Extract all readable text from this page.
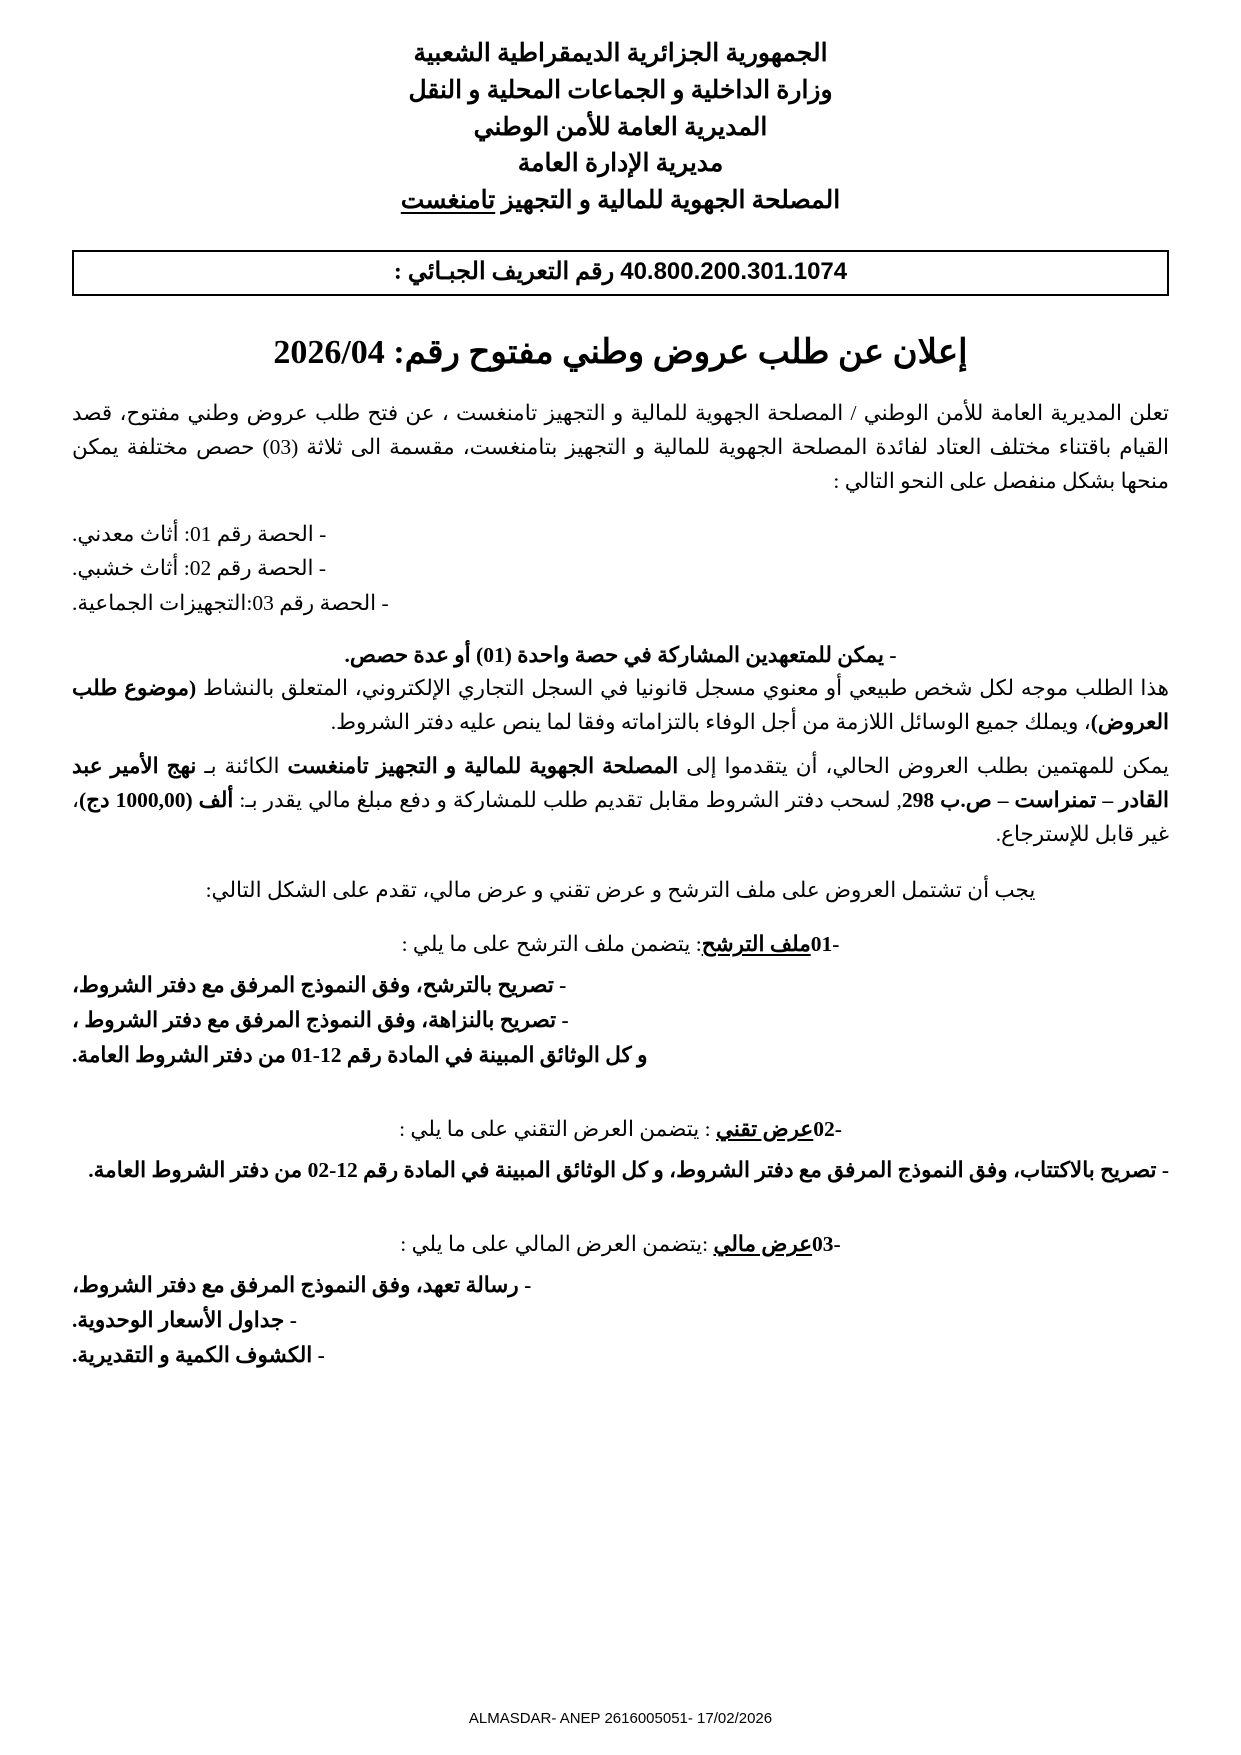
الجمهورية الجزائرية الديمقراطية الشعبية
وزارة الداخلية و الجماعات المحلية و النقل
المديرية العامة للأمن الوطني
مديرية الإدارة العامة
المصلحة الجهوية للمالية و التجهيز تامنغست
40.800.200.301.1074 رقم التعريف الجبـائي :
إعلان عن طلب عروض وطني مفتوح رقم: 2026/04

تعلن المديرية العامة للأمن الوطني / المصلحة الجهوية للمالية و التجهيز تامنغست ، عن فتح طلب عروض وطني مفتوح، قصد القيام باقتناء مختلف العتاد لفائدة المصلحة الجهوية للمالية و التجهيز بتامنغست، مقسمة الى ثلاثة (03) حصص مختلفة يمكن منحها بشكل منفصل على النحو التالي :

- الحصة رقم 01: أثاث معدني.
- الحصة رقم 02: أثاث خشبي.
- الحصة رقم 03:التجهيزات الجماعية.
- يمكن للمتعهدين المشاركة في حصة واحدة (01) أو عدة حصص.

هذا الطلب موجه لكل شخص طبيعي أو معنوي مسجل قانونيا في السجل التجاري الإلكتروني، المتعلق بالنشاط (موضوع طلب العروض)، ويملك جميع الوسائل اللازمة من أجل الوفاء بالتزاماته وفقا لما ينص عليه دفتر الشروط.

يمكن للمهتمين بطلب العروض الحالي، أن يتقدموا إلى المصلحة الجهوية للمالية و التجهيز تامنغست الكائنة بـ نهج الأمير عبد القادر – تمنراست – ص.ب 298, لسحب دفتر الشروط مقابل تقديم طلب للمشاركة و دفع مبلغ مالي يقدر بـ: ألف (1000,00 دج)، غير قابل للإسترجاع.

يجب أن تشتمل العروض على ملف الترشح و عرض تقني و عرض مالي، تقدم على الشكل التالي:
-01ملف الترشح: يتضمن ملف الترشح على ما يلي :
- تصريح بالترشح، وفق النموذج المرفق مع دفتر الشروط،
- تصريح بالنزاهة، وفق النموذج المرفق مع دفتر الشروط ،
و كل الوثائق المبينة في المادة رقم 12-01 من دفتر الشروط العامة.
-02عرض تقني : يتضمن العرض التقني على ما يلي :
- تصريح بالاكتتاب، وفق النموذج المرفق مع دفتر الشروط، و كل الوثائق المبينة في المادة رقم 12-02 من دفتر الشروط العامة.
-03عرض مالي :يتضمن العرض المالي على ما يلي :
- رسالة تعهد، وفق النموذج المرفق مع دفتر الشروط،
- جداول الأسعار الوحدوية.
- الكشوف الكمية و التقديرية.
ALMASDAR- ANEP 2616005051- 17/02/2026
